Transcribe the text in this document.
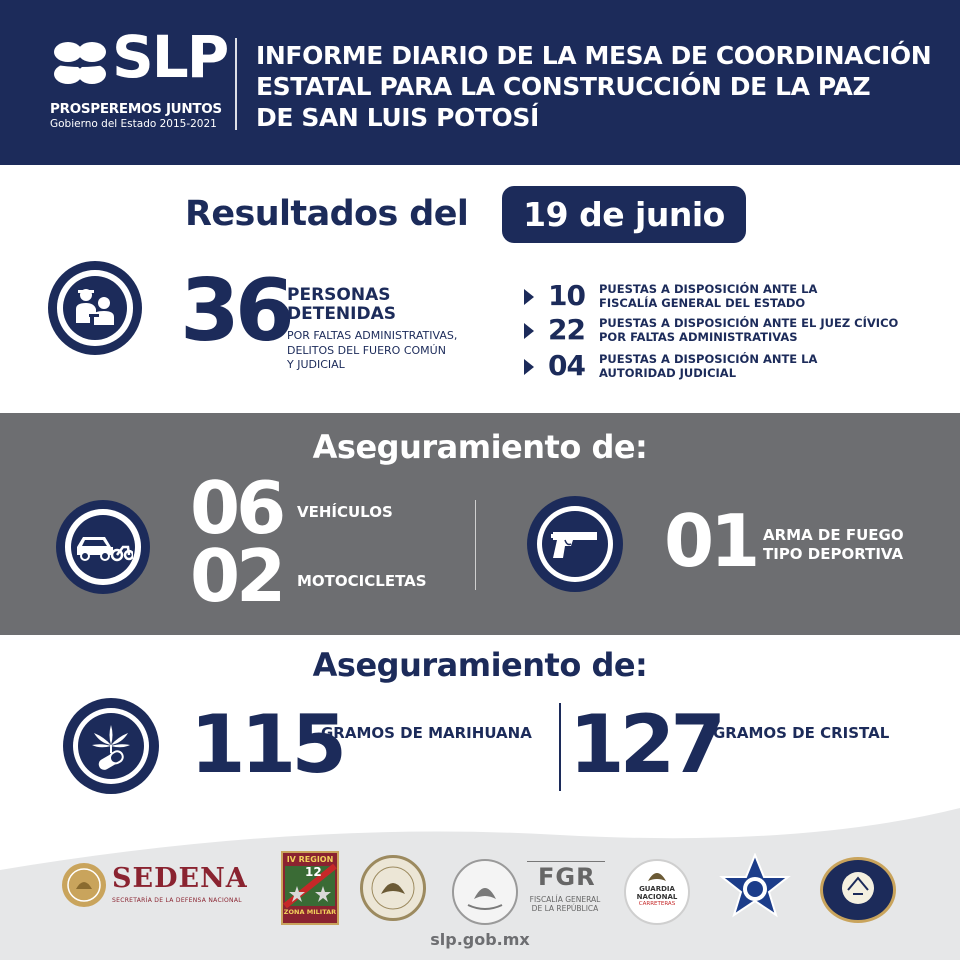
SLP
PROSPEREMOS JUNTOS
Gobierno del Estado 2015-2021
INFORME DIARIO DE LA MESA DE COORDINACIÓN
ESTATAL PARA LA CONSTRUCCIÓN DE LA PAZ
DE SAN LUIS POTOSÍ
Resultados del	19 de junio
36
PERSONAS
DETENIDAS
POR FALTAS ADMINISTRATIVAS,
DELITOS DEL FUERO COMÚN
Y JUDICIAL
10 PUESTAS A DISPOSICIÓN ANTE LA
FISCALÍA GENERAL DEL ESTADO
22 PUESTAS A DISPOSICIÓN ANTE EL JUEZ CÍVICO
POR FALTAS ADMINISTRATIVAS
04 PUESTAS A DISPOSICIÓN ANTE LA
AUTORIDAD JUDICIAL
Aseguramiento de:
06 VEHÍCULOS
02 MOTOCICLETAS	01 ARMA DE FUEGO
TIPO DEPORTIVA
Aseguramiento de:
115
GRAMOS DE MARIHUANA 127
GRAMOS DE CRISTAL
SEDENA
SECRETARÍA DE LA DEFENSA NACIONAL
IV REGION
12
ZONA MILITAR
FGR
FISCALÍA GENERAL
DE LA REPÚBLICA
GUARDIA
NACIONAL
CARRETERAS
slp.gob.mx
